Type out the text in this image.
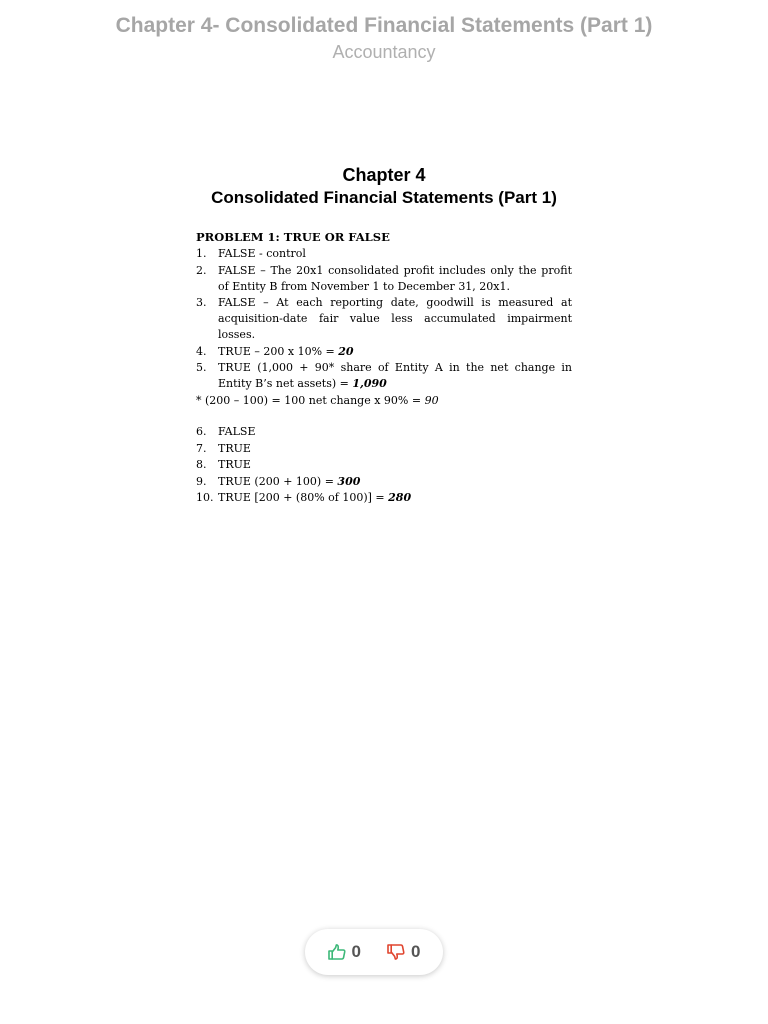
Chapter 4- Consolidated Financial Statements (Part 1)

Accountancy

Chapter 4

Consolidated Financial Statements (Part 1)

PROBLEM 1: TRUE OR FALSE

1.	FALSE - control
2.	FALSE – The 20x1 consolidated profit includes only the profit of Entity B from November 1 to December 31, 20x1.
3.	FALSE – At each reporting date, goodwill is measured at acquisition-date fair value less accumulated impairment losses.
4.	TRUE – 200 x 10% = 20
5.	TRUE (1,000 + 90* share of Entity A in the net change in Entity B’s net assets) = 1,090

* (200 – 100) = 100 net change x 90% = 90

6.	FALSE
7.	TRUE
8.	TRUE
9.	TRUE (200 + 100) = 300
10. TRUE [200 + (80% of 100)] = 280
0	0
